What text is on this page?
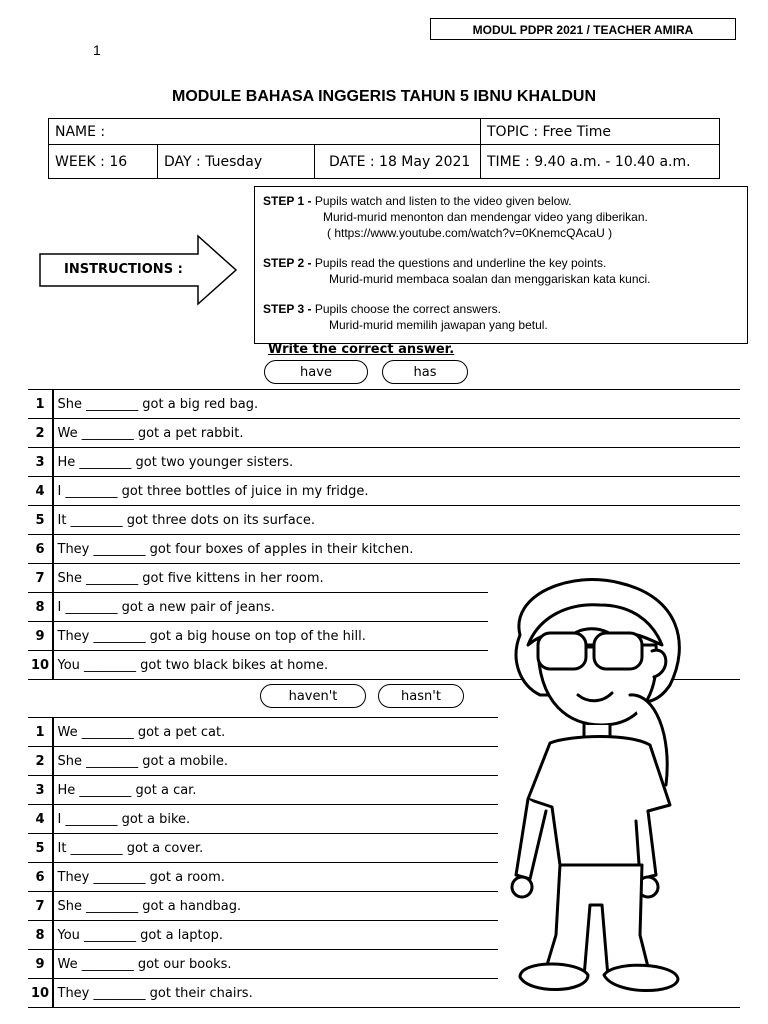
MODUL PDPR 2021 / TEACHER AMIRA
1
MODULE BAHASA INGGERIS TAHUN 5 IBNU KHALDUN
NAME :			TOPIC : Free Time
WEEK : 16	DAY : Tuesday	DATE : 18 May 2021	TIME : 9.40 a.m. - 10.40 a.m.
INSTRUCTIONS :

STEP 1 - Pupils watch and listen to the video given below.

Murid-murid menonton dan mendengar video yang diberikan.

( https://www.youtube.com/watch?v=0KnemcQAcaU )

STEP 2 - Pupils read the questions and underline the key points.

Murid-murid membaca soalan dan menggariskan kata kunci.

STEP 3 - Pupils choose the correct answers.

Murid-murid memilih jawapan yang betul.

Write the correct answer.
have	has
1 She ________ got a big red bag.
2 We ________ got a pet rabbit.
3 He ________ got two younger sisters.
4 I ________ got three bottles of juice in my fridge.
5 It ________ got three dots on its surface.
6 They ________ got four boxes of apples in their kitchen.
7 She ________ got five kittens in her room.
8 I ________ got a new pair of jeans.
9 They ________ got a big house on top of the hill.
10 You ________ got two black bikes at home.
haven't	hasn't
1 We ________ got a pet cat.
2 She ________ got a mobile.
3 He ________ got a car.
4 I ________ got a bike.
5 It ________ got a cover.
6 They ________ got a room.
7 She ________ got a handbag.
8 You ________ got a laptop.
9 We ________ got our books.
10 They ________ got their chairs.
